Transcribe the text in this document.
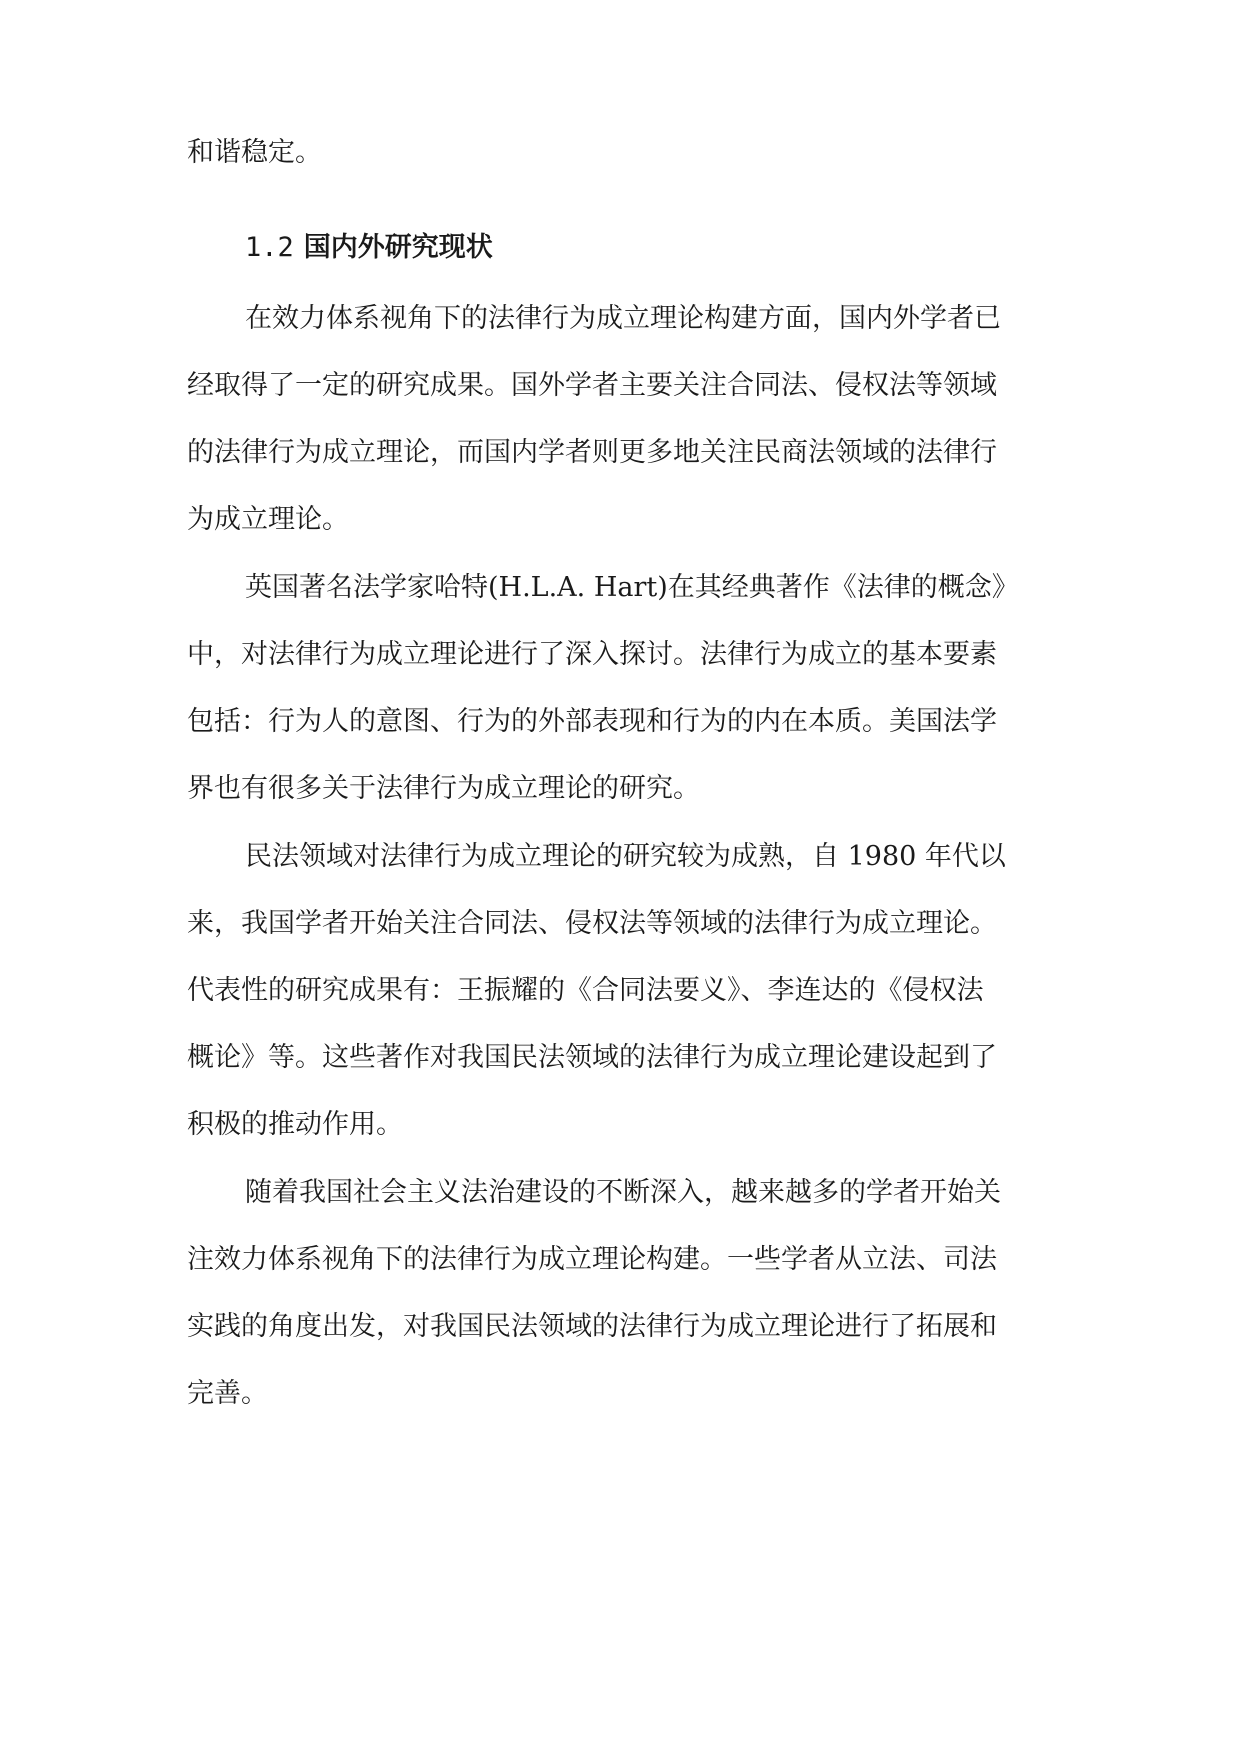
和谐稳定。

1.2 国内外研究现状

在效力体系视角下的法律行为成立理论构建方面，国内外学者已

经取得了一定的研究成果。国外学者主要关注合同法、侵权法等领域

的法律行为成立理论，而国内学者则更多地关注民商法领域的法律行

为成立理论。

英国著名法学家哈特(H.L.A. Hart)在其经典著作《法律的概念》

中，对法律行为成立理论进行了深入探讨。法律行为成立的基本要素

包括：行为人的意图、行为的外部表现和行为的内在本质。美国法学

界也有很多关于法律行为成立理论的研究。

民法领域对法律行为成立理论的研究较为成熟，自 1980 年代以

来，我国学者开始关注合同法、侵权法等领域的法律行为成立理论。

代表性的研究成果有：王振耀的《合同法要义》、李连达的《侵权法

概论》等。这些著作对我国民法领域的法律行为成立理论建设起到了

积极的推动作用。

随着我国社会主义法治建设的不断深入，越来越多的学者开始关

注效力体系视角下的法律行为成立理论构建。一些学者从立法、司法

实践的角度出发，对我国民法领域的法律行为成立理论进行了拓展和

完善。
